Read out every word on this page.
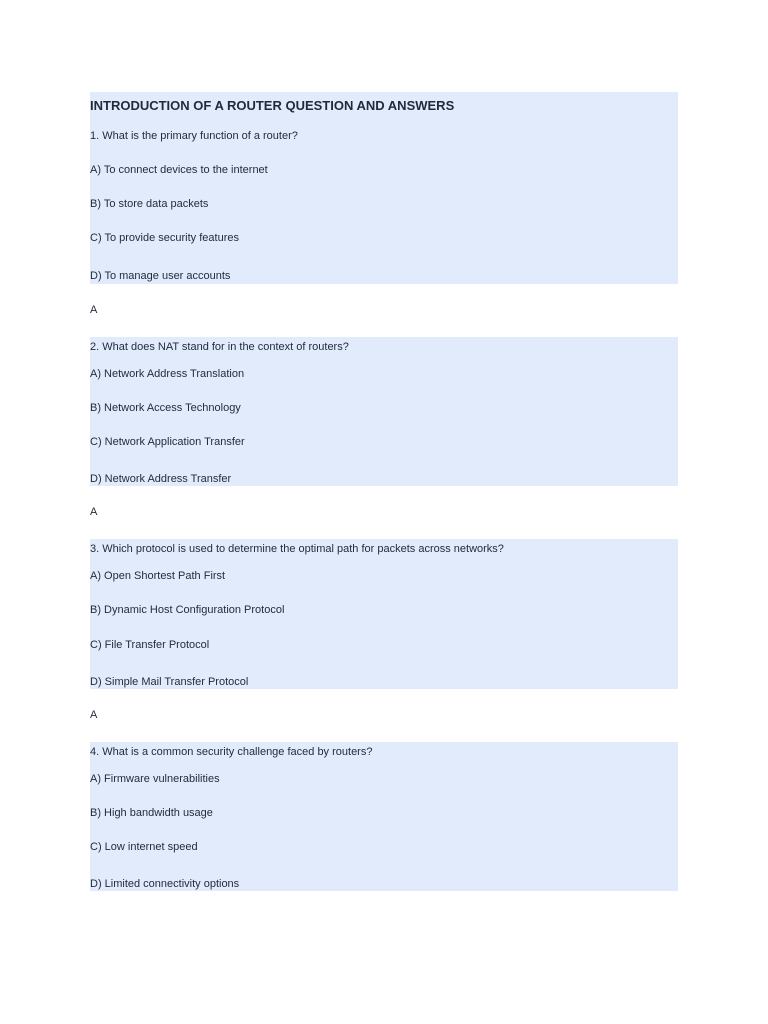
INTRODUCTION OF A ROUTER QUESTION AND ANSWERS
1. What is the primary function of a router?
A) To connect devices to the internet
B) To store data packets
C) To provide security features
D) To manage user accounts
A
2. What does NAT stand for in the context of routers?
A) Network Address Translation
B) Network Access Technology
C) Network Application Transfer
D) Network Address Transfer
A
3. Which protocol is used to determine the optimal path for packets across networks?
A) Open Shortest Path First
B) Dynamic Host Configuration Protocol
C) File Transfer Protocol
D) Simple Mail Transfer Protocol
A
4. What is a common security challenge faced by routers?
A) Firmware vulnerabilities
B) High bandwidth usage
C) Low internet speed
D) Limited connectivity options
